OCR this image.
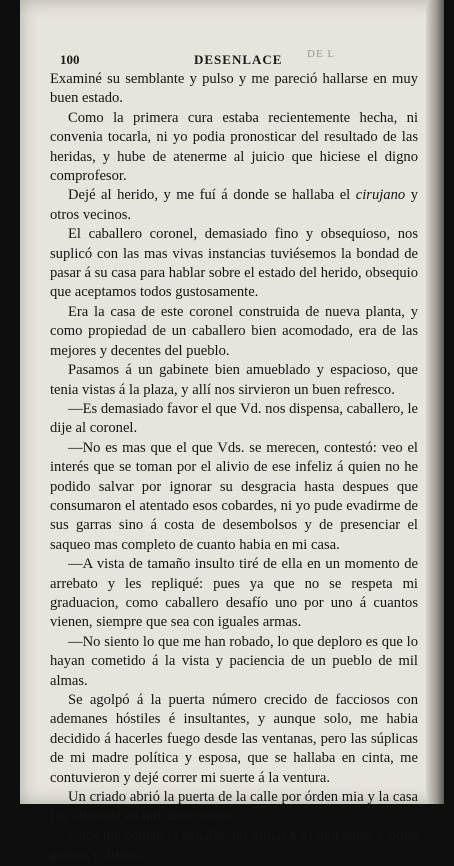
100	DESENLACE DE L

Examiné su semblante y pulso y me pareció hallarse en muy buen estado.

Como la primera cura estaba recientemente hecha, ni convenia tocarla, ni yo podia pronosticar del resultado de las heridas, y hube de atenerme al juicio que hiciese el digno comprofesor.

Dejé al herido, y me fuí á donde se hallaba el cirujano y otros vecinos.

El caballero coronel, demasiado fino y obsequioso, nos suplicó con las mas vivas instancias tuviésemos la bondad de pasar á su casa para hablar sobre el estado del herido, obsequio que aceptamos todos gustosamente.

Era la casa de este coronel construida de nueva planta, y como propiedad de un caballero bien acomodado, era de las mejores y decentes del pueblo.

Pasamos á un gabinete bien amueblado y espacioso, que tenia vistas á la plaza, y allí nos sirvieron un buen refresco.

—Es demasiado favor el que Vd. nos dispensa, caballero, le dije al coronel.

—No es mas que el que Vds. se merecen, contestó: veo el interés que se toman por el alivio de ese infeliz á quien no he podido salvar por ignorar su desgracia hasta despues que consumaron el atentado esos cobardes, ni yo pude evadirme de sus garras sino á costa de desembolsos y de presenciar el saqueo mas completo de cuanto habia en mi casa.

—A vista de tamaño insulto tiré de ella en un momento de arrebato y les repliqué: pues ya que no se respeta mi graduacion, como caballero desafío uno por uno á cuantos vienen, siempre que sea con iguales armas.

—No siento lo que me han robado, lo que deploro es que lo hayan cometido á la vista y paciencia de un pueblo de mil almas.

Se agolpó á la puerta número crecido de facciosos con ademanes hóstiles é insultantes, y aunque solo, me habia decidido á hacerles fuego desde las ventanas, pero las súplicas de mi madre política y esposa, que se hallaba en cinta, me contuvieron y dejé correr mi suerte á la ventura.

Un criado abrió la puerta de la calle por órden mia y la casa fué allanada en mil direcciones.

Unos me pedian el caballo, las armas y el uniforme, y otros granos y dinero.
